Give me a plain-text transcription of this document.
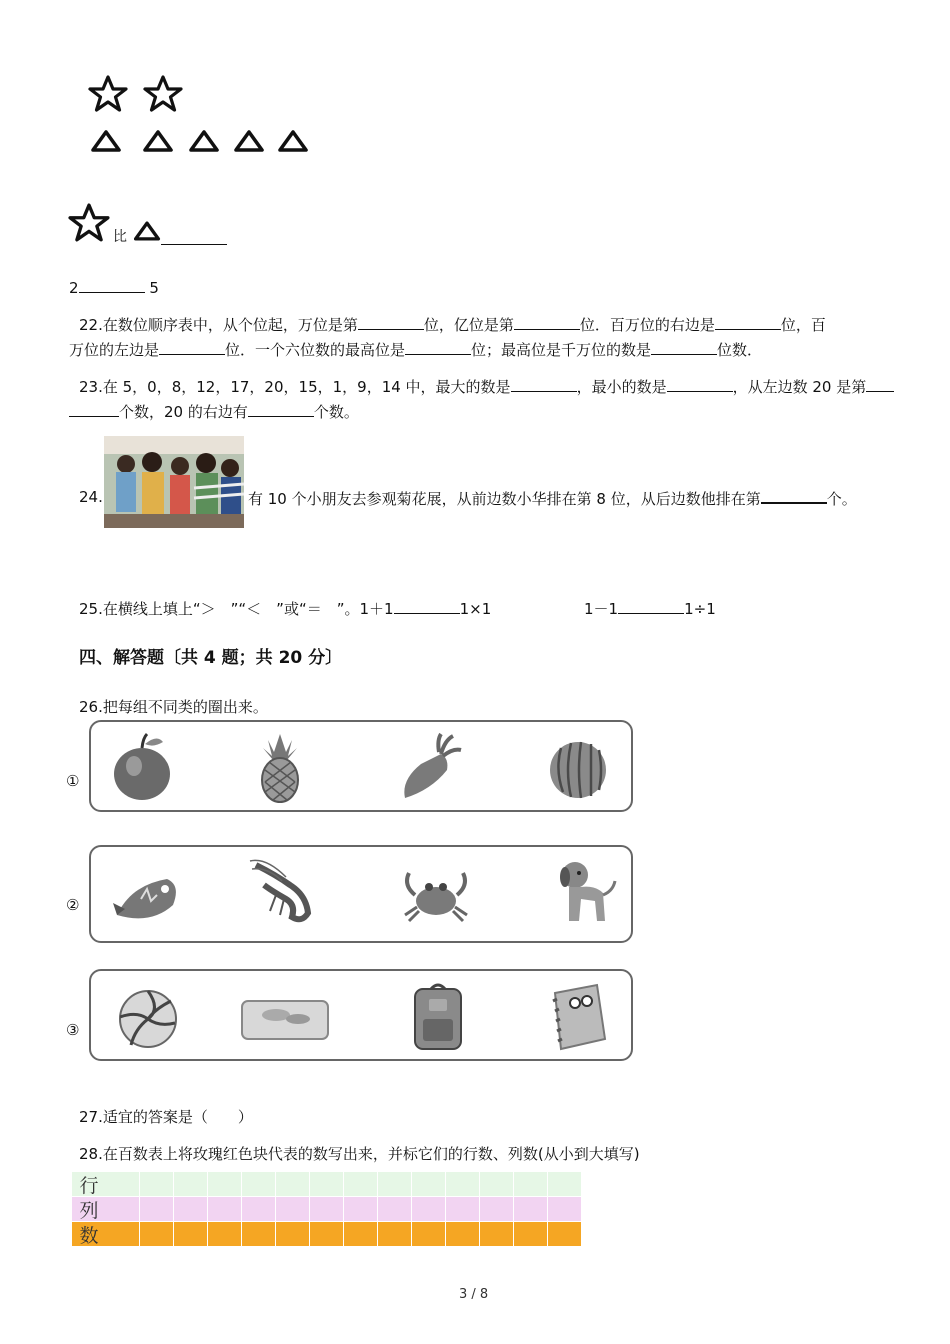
比
2	5
22.在数位顺序表中，从个位起，万位是第	位，亿位是第	位．百万位的右边是	位，百
万位的左边是	位．一个六位数的最高位是	位；最高位是千万位的数是	位数．
23.在 5，0，8，12，17，20，15，1，9，14 中，最大的数是	，最小的数是	，从左边数 20 是第
个数，20 的右边有	个数。
24.	有 10 个小朋友去参观菊花展，从前边数小华排在第 8 位，从后边数他排在第	个。
25.在横线上填上“＞　”“＜　”或“＝　”。1＋1	1×1	1－1	1÷1
四、解答题〔共 4 题；共 20 分〕
26.把每组不同类的圈出来。
①
②
③
27.适宜的答案是（　　）
28.在百数表上将玫瑰红色块代表的数写出来，并标它们的行数、列数(从小到大填写)
行
列
数
3 / 8
